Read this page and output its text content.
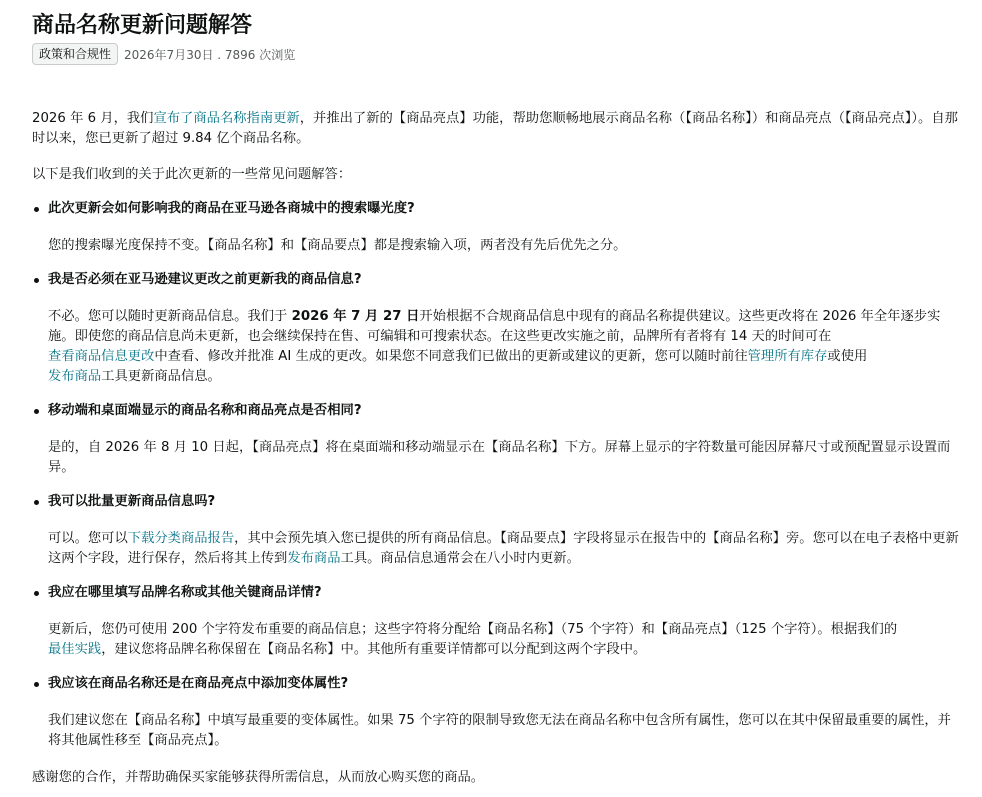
商品名称更新问题解答
政策和合规性	2026年7月30日 . 7896 次浏览

2026 年 6 月，我们宣布了商品名称指南更新，并推出了新的【商品亮点】功能，帮助您顺畅地展示商品名称（【商品名称】）和商品亮点（【商品亮点】）。自那时以来，您已更新了超过 9.84 亿个商品名称。

以下是我们收到的关于此次更新的一些常见问题解答：

此次更新会如何影响我的商品在亚马逊各商城中的搜索曝光度?
您的搜索曝光度保持不变。【商品名称】和【商品要点】都是搜索输入项，两者没有先后优先之分。
我是否必须在亚马逊建议更改之前更新我的商品信息?
不必。您可以随时更新商品信息。我们于 2026 年 7 月 27 日开始根据不合规商品信息中现有的商品名称提供建议。这些更改将在 2026 年全年逐步实施。即使您的商品信息尚未更新，也会继续保持在售、可编辑和可搜索状态。在这些更改实施之前，品牌所有者将有 14 天的时间可在
查看商品信息更改中查看、修改并批准 AI 生成的更改。如果您不同意我们已做出的更新或建议的更新，您可以随时前往管理所有库存或使用
发布商品工具更新商品信息。
移动端和桌面端显示的商品名称和商品亮点是否相同?
是的，自 2026 年 8 月 10 日起，【商品亮点】将在桌面端和移动端显示在【商品名称】下方。屏幕上显示的字符数量可能因屏幕尺寸或预配置显示设置而异。
我可以批量更新商品信息吗?
可以。您可以下载分类商品报告，其中会预先填入您已提供的所有商品信息。【商品要点】字段将显示在报告中的【商品名称】旁。您可以在电子表格中更新这两个字段，进行保存，然后将其上传到发布商品工具。商品信息通常会在八小时内更新。
我应在哪里填写品牌名称或其他关键商品详情?
更新后，您仍可使用 200 个字符发布重要的商品信息；这些字符将分配给【商品名称】（75 个字符）和【商品亮点】（125 个字符）。根据我们的
最佳实践，建议您将品牌名称保留在【商品名称】中。其他所有重要详情都可以分配到这两个字段中。
我应该在商品名称还是在商品亮点中添加变体属性?
我们建议您在【商品名称】中填写最重要的变体属性。如果 75 个字符的限制导致您无法在商品名称中包含所有属性，您可以在其中保留最重要的属性，并将其他属性移至【商品亮点】。

感谢您的合作，并帮助确保买家能够获得所需信息，从而放心购买您的商品。
